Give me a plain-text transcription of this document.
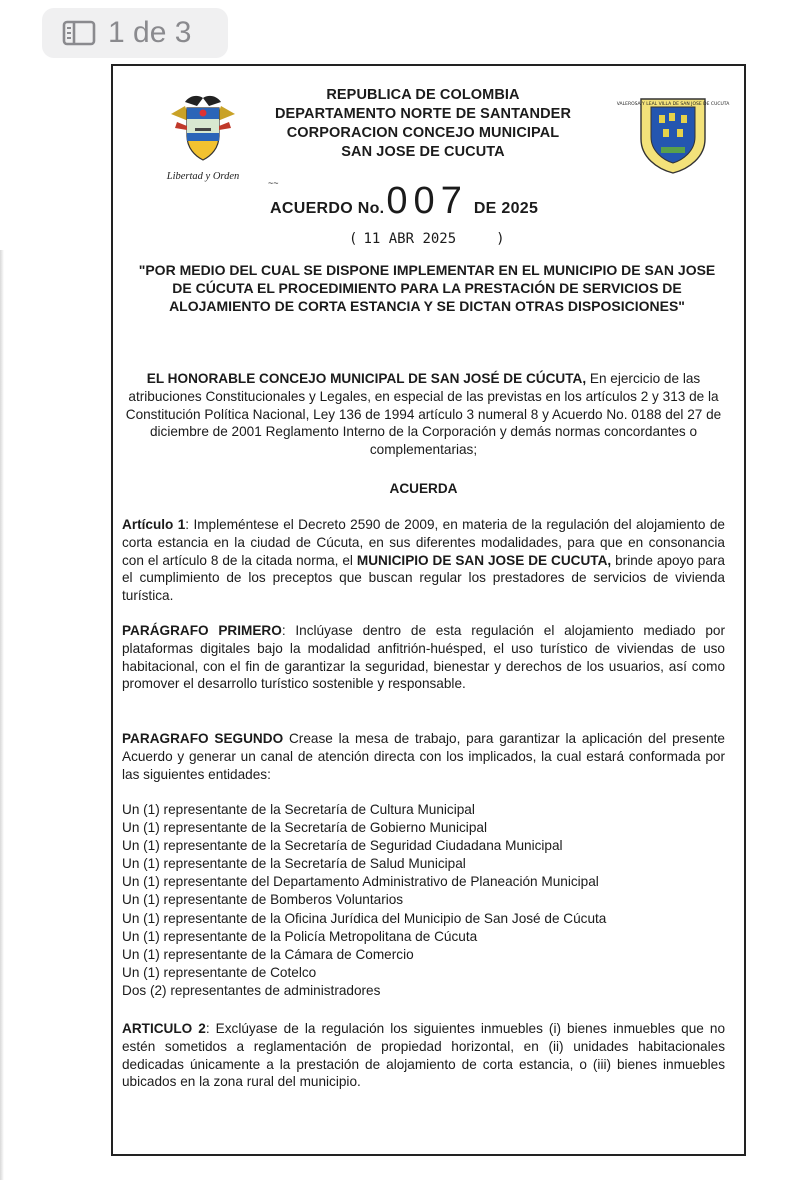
1 de 3
Libertad y Orden
REPUBLICA DE COLOMBIA
DEPARTAMENTO NORTE DE SANTANDER
CORPORACION CONCEJO MUNICIPAL
SAN JOSE DE CUCUTA
VALEROSA Y LEAL VILLA DE SAN JOSE DE CUCUTA
~~
ACUERDO No. 007 DE
2025
( 11 ABR 2025	)
"POR MEDIO DEL CUAL SE DISPONE IMPLEMENTAR EN EL MUNICIPIO DE SAN JOSE DE CÚCUTA EL PROCEDIMIENTO PARA LA PRESTACIÓN DE SERVICIOS DE ALOJAMIENTO DE CORTA ESTANCIA Y SE DICTAN OTRAS DISPOSICIONES"

EL HONORABLE CONCEJO MUNICIPAL DE SAN JOSÉ DE CÚCUTA, En ejercicio de las atribuciones Constitucionales y Legales, en especial de las previstas en los artículos 2 y 313 de la Constitución Política Nacional, Ley 136 de 1994 artículo 3 numeral 8 y Acuerdo No. 0188 del 27 de diciembre de 2001 Reglamento Interno de la Corporación y demás normas concordantes o complementarias;

ACUERDA
Artículo 1: Impleméntese el Decreto 2590 de 2009, en materia de la regulación del alojamiento de corta estancia en la ciudad de Cúcuta, en sus diferentes modalidades, para que en consonancia con el artículo 8 de la citada norma, el MUNICIPIO DE SAN JOSE DE CUCUTA, brinde apoyo para el cumplimiento de los preceptos que buscan regular los prestadores de servicios de vivienda turística.
PARÁGRAFO PRIMERO: Inclúyase dentro de esta regulación el alojamiento mediado por plataformas digitales bajo la modalidad anfitrión-huésped, el uso turístico de viviendas de uso habitacional, con el fin de garantizar la seguridad, bienestar y derechos de los usuarios, así como promover el desarrollo turístico sostenible y responsable.
PARAGRAFO SEGUNDO Crease la mesa de trabajo, para garantizar la aplicación del presente Acuerdo y generar un canal de atención directa con los implicados, la cual estará conformada por las siguientes entidades:
Un (1) representante de la Secretaría de Cultura Municipal
Un (1) representante de la Secretaría de Gobierno Municipal
Un (1) representante de la Secretaría de Seguridad Ciudadana Municipal
Un (1) representante de la Secretaría de Salud Municipal
Un (1) representante del Departamento Administrativo de Planeación Municipal
Un (1) representante de Bomberos Voluntarios
Un (1) representante de la Oficina Jurídica del Municipio de San José de Cúcuta
Un (1) representante de la Policía Metropolitana de Cúcuta
Un (1) representante de la Cámara de Comercio
Un (1) representante de Cotelco
Dos (2) representantes de administradores
ARTICULO 2: Exclúyase de la regulación los siguientes inmuebles (i) bienes inmuebles que no estén sometidos a reglamentación de propiedad horizontal, en (ii) unidades habitacionales dedicadas únicamente a la prestación de alojamiento de corta estancia, o (iii) bienes inmuebles ubicados en la zona rural del municipio.
